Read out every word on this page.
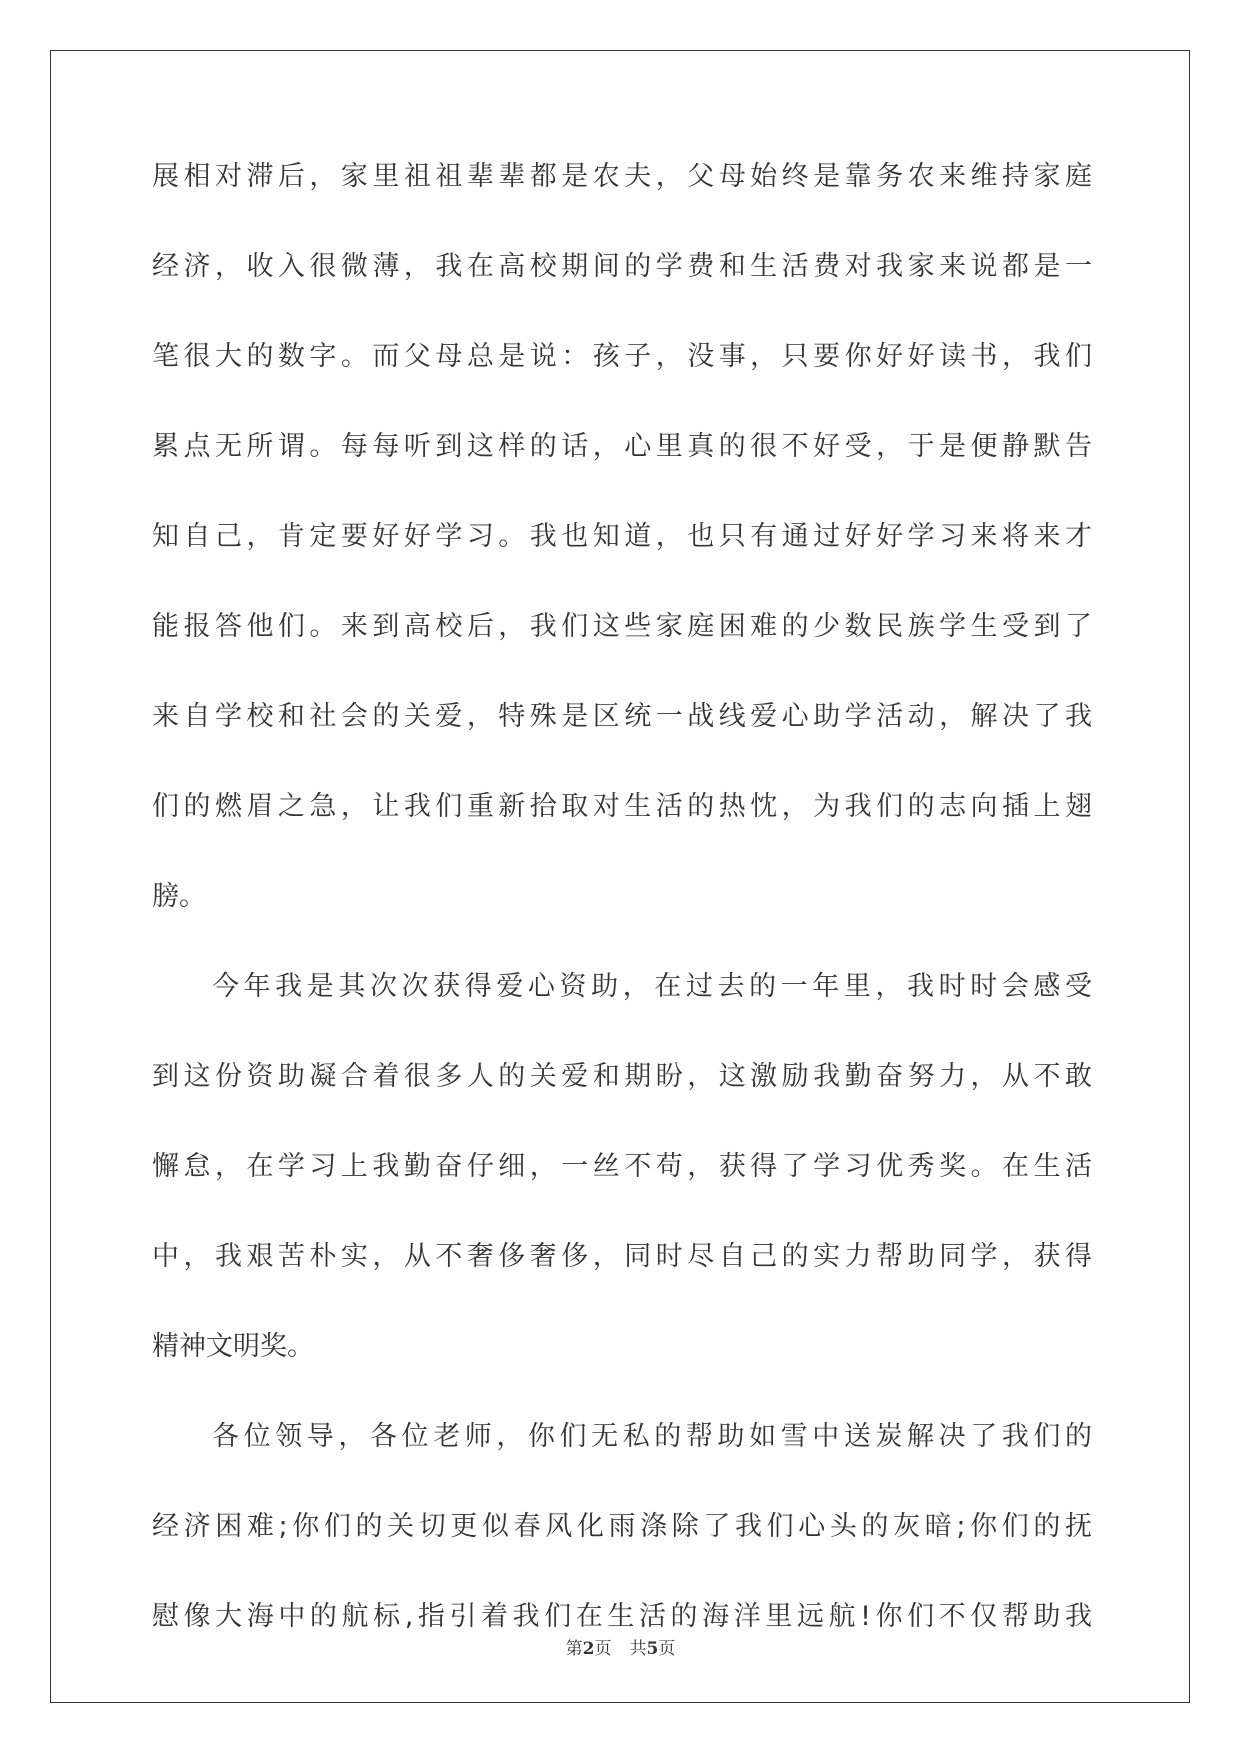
展相对滞后，家里祖祖辈辈都是农夫，父母始终是靠务农来维持家庭
经济，收入很微薄，我在高校期间的学费和生活费对我家来说都是一
笔很大的数字。而父母总是说：孩子，没事，只要你好好读书，我们
累点无所谓。每每听到这样的话，心里真的很不好受，于是便静默告
知自己，肯定要好好学习。我也知道，也只有通过好好学习来将来才
能报答他们。来到高校后，我们这些家庭困难的少数民族学生受到了
来自学校和社会的关爱，特殊是区统一战线爱心助学活动，解决了我
们的燃眉之急，让我们重新拾取对生活的热忱，为我们的志向插上翅
膀。
今年我是其次次获得爱心资助，在过去的一年里，我时时会感受
到这份资助凝合着很多人的关爱和期盼，这激励我勤奋努力，从不敢
懈怠，在学习上我勤奋仔细，一丝不苟，获得了学习优秀奖。在生活
中，我艰苦朴实，从不奢侈奢侈，同时尽自己的实力帮助同学，获得
精神文明奖。
各位领导，各位老师，你们无私的帮助如雪中送炭解决了我们的
经济困难;你们的关切更似春风化雨涤除了我们心头的灰暗;你们的抚
慰像大海中的航标,指引着我们在生活的海洋里远航!你们不仅帮助我
第2页 共5页
